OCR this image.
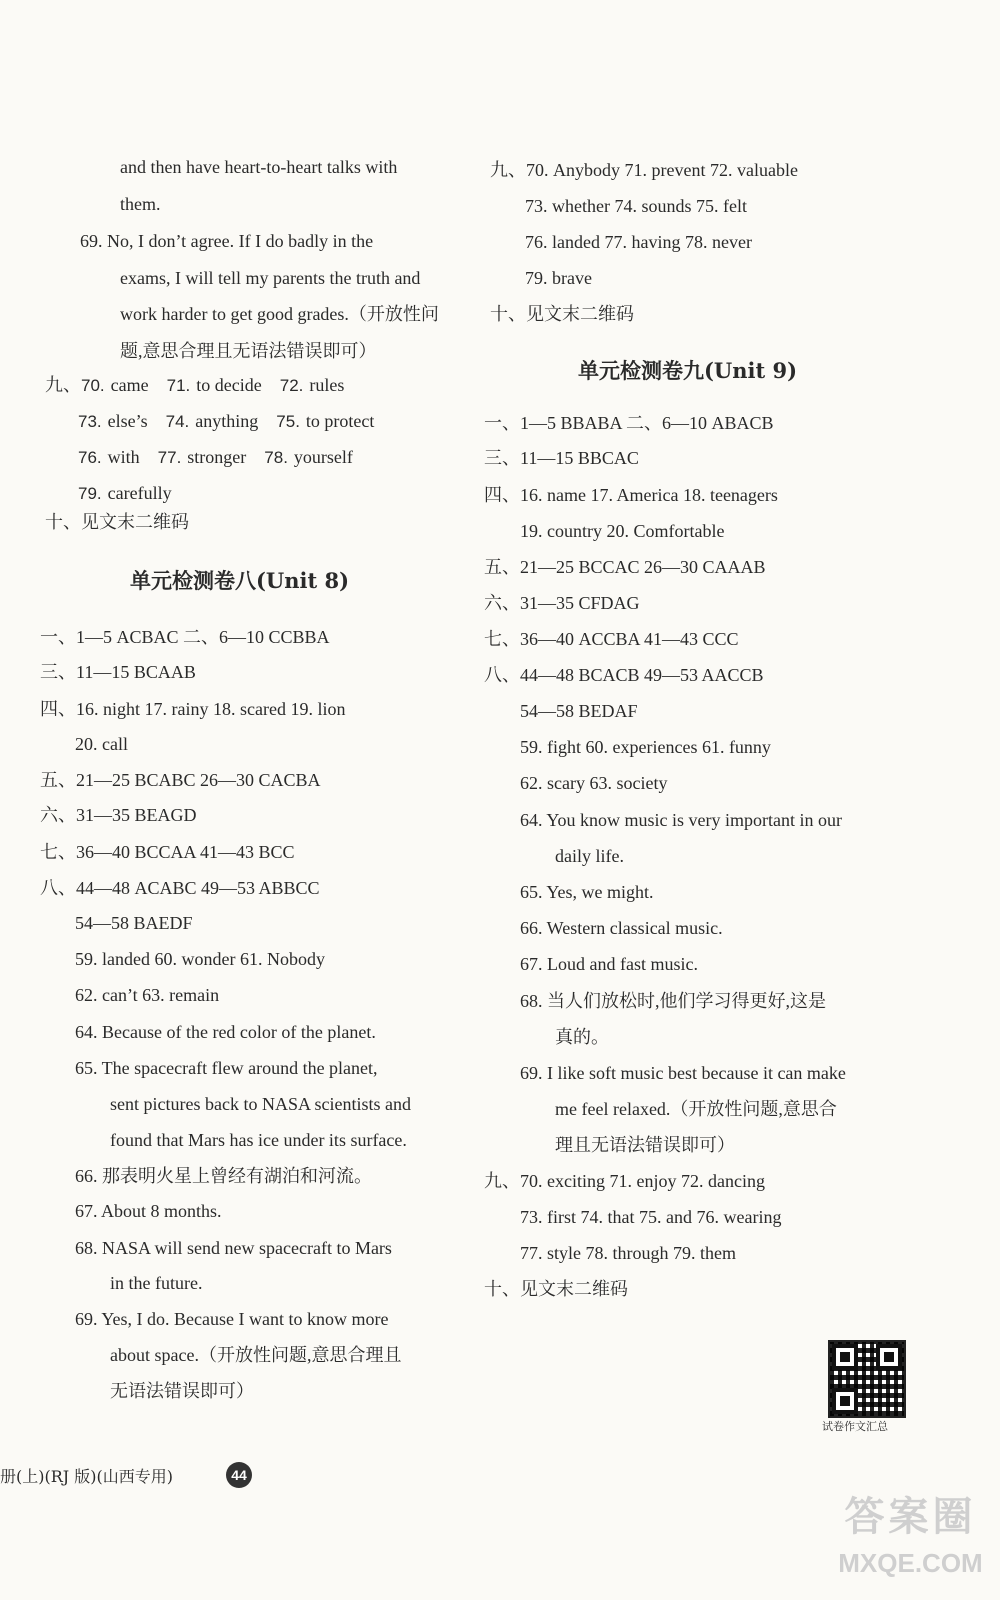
and then have heart-to-heart talks with
them.
69. No, I don’t agree. If I do badly in the
exams, I will tell my parents the truth and
work harder to get good grades.（开放性问
题,意思合理且无语法错误即可）
九、70. came 71. to decide 72. rules
73. else’s 74. anything 75. to protect
76. with 77. stronger 78. yourself
79. carefully
一、1—5 ACBAC 二、6—10 CCBBA
三、11—15 BCAAB
四、16. night 17. rainy 18. scared 19. lion
20. call
五、21—25 BCABC 26—30 CACBA
六、31—35 BEAGD
七、36—40 BCCAA 41—43 BCC
八、44—48 ACABC 49—53 ABBCC
54—58 BAEDF
59. landed 60. wonder 61. Nobody
62. can’t 63. remain
64. Because of the red color of the planet.
65. The spacecraft flew around the planet,
sent pictures back to NASA scientists and
found that Mars has ice under its surface.
66. 那表明火星上曾经有湖泊和河流。
67. About 8 months.
68. NASA will send new spacecraft to Mars
in the future.
69. Yes, I do. Because I want to know more
about space.（开放性问题,意思合理且
无语法错误即可）
九、70. Anybody 71. prevent 72. valuable
73. whether 74. sounds 75. felt
76. landed 77. having 78. never
79. brave
十、见文末二维码
一、1—5 BBABA 二、6—10 ABACB
三、11—15 BBCAC
四、16. name 17. America 18. teenagers
19. country 20. Comfortable
五、21—25 BCCAC 26—30 CAAAB
六、31—35 CFDAG
七、36—40 ACCBA 41—43 CCC
八、44—48 BCACB 49—53 AACCB
54—58 BEDAF
59. fight 60. experiences 61. funny
62. scary 63. society
64. You know music is very important in our
daily life.
65. Yes, we might.
66. Western classical music.
67. Loud and fast music.
68. 当人们放松时,他们学习得更好,这是
真的。
69. I like soft music best because it can make
me feel relaxed.（开放性问题,意思合
理且无语法错误即可）
九、70. exciting 71. enjoy 72. dancing
73. first 74. that 75. and 76. wearing
77. style 78. through 79. them
十、见文末二维码
单元检测卷八(Unit 8)
单元检测卷九(Unit 9)
十、见文末二维码
试卷作文汇总
册(上)(RJ 版)(山西专用)	44
答案圈
MXQE.COM
